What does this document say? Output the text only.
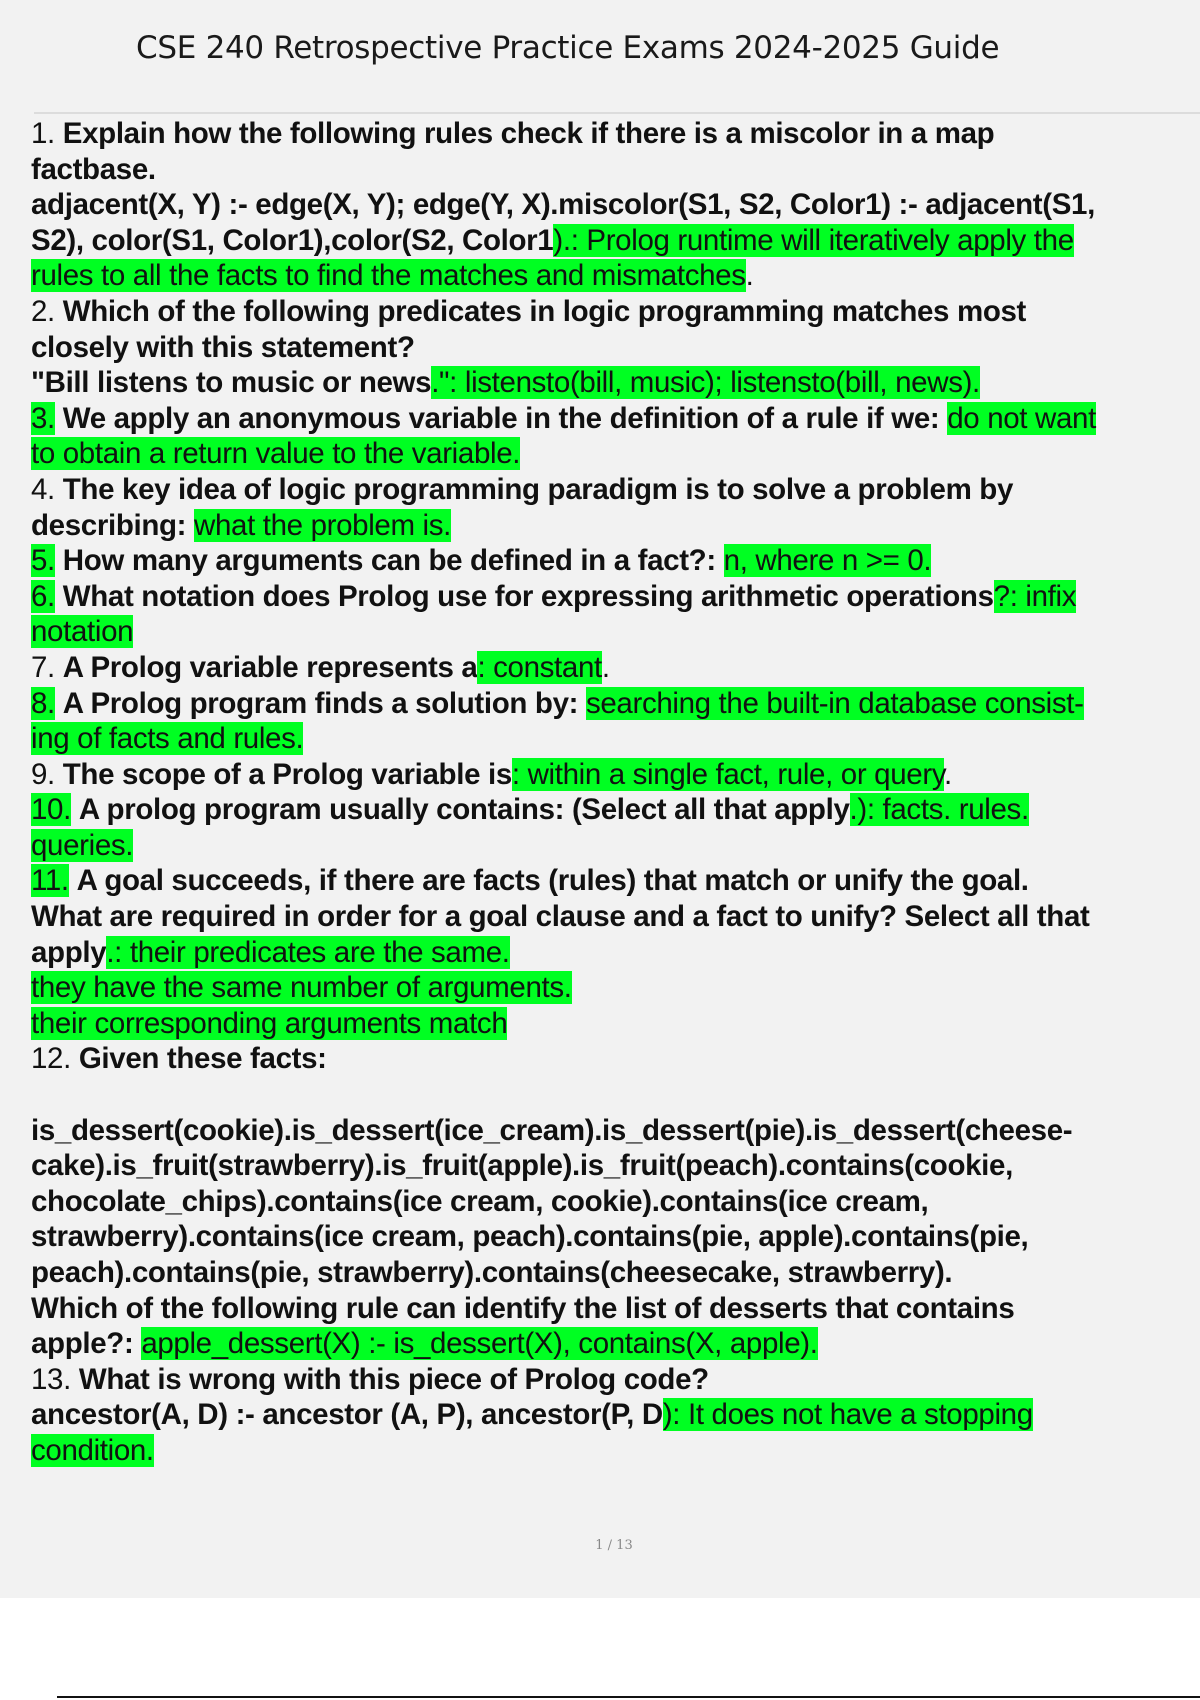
CSE 240 Retrospective Practice Exams 2024-2025 Guide
1. Explain how the following rules check if there is a miscolor in a map
factbase.
adjacent(X, Y) :- edge(X, Y); edge(Y, X).miscolor(S1, S2, Color1) :- adjacent(S1,
S2), color(S1, Color1),color(S2, Color1).: Prolog runtime will iteratively apply the
rules to all the facts to find the matches and mismatches.
2. Which of the following predicates in logic programming matches most
closely with this statement?
"Bill listens to music or news.": listensto(bill, music); listensto(bill, news).
3. We apply an anonymous variable in the definition of a rule if we: do not want
to obtain a return value to the variable.
4. The key idea of logic programming paradigm is to solve a problem by
describing: what the problem is.
5. How many arguments can be defined in a fact?: n, where n >= 0.
6. What notation does Prolog use for expressing arithmetic operations?: infix
notation
7. A Prolog variable represents a: constant.
8. A Prolog program finds a solution by: searching the built-in database consist-
ing of facts and rules.
9. The scope of a Prolog variable is: within a single fact, rule, or query.
10. A prolog program usually contains: (Select all that apply.): facts. rules.
queries.
11. A goal succeeds, if there are facts (rules) that match or unify the goal.
What are required in order for a goal clause and a fact to unify? Select all that
apply.: their predicates are the same.
they have the same number of arguments.
their corresponding arguments match
12. Given these facts:
is_dessert(cookie).is_dessert(ice_cream).is_dessert(pie).is_dessert(cheese-
cake).is_fruit(strawberry).is_fruit(apple).is_fruit(peach).contains(cookie,
chocolate_chips).contains(ice cream, cookie).contains(ice cream,
strawberry).contains(ice cream, peach).contains(pie, apple).contains(pie,
peach).contains(pie, strawberry).contains(cheesecake, strawberry).
Which of the following rule can identify the list of desserts that contains
apple?: apple_dessert(X) :- is_dessert(X), contains(X, apple).
13. What is wrong with this piece of Prolog code?
ancestor(A, D) :- ancestor (A, P), ancestor(P, D): It does not have a stopping
condition.
1 / 13
